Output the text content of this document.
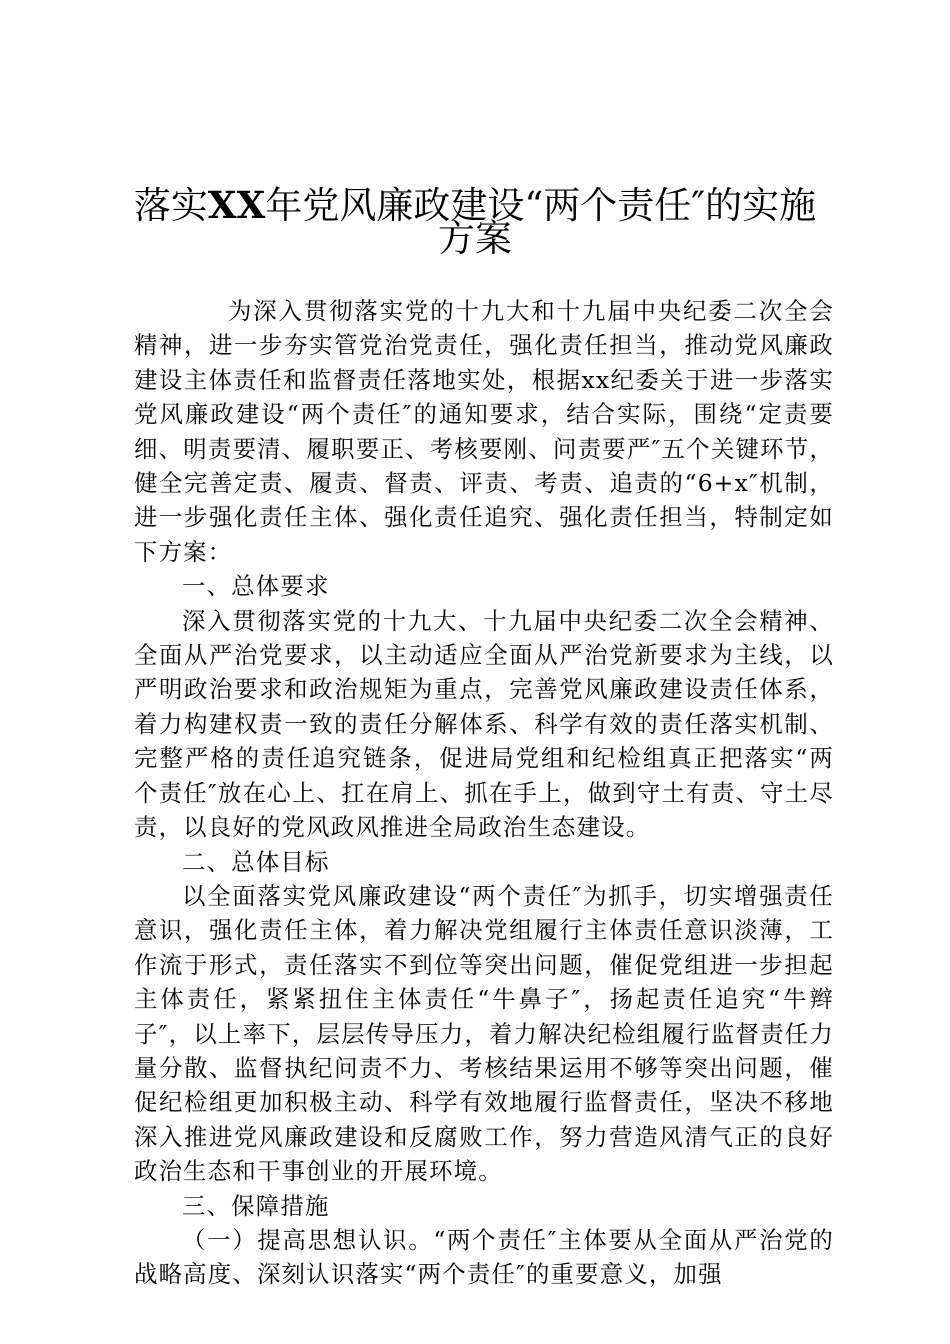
落实XX年党风廉政建设“两个责任″的实施
方案

为深入贯彻落实党的十九大和十九届中央纪委二次全会精神，进一步夯实管党治党责任，强化责任担当，推动党风廉政建设主体责任和监督责任落地实处，根据xx纪委关于进一步落实党风廉政建设“两个责任″的通知要求，结合实际，围绕“定责要细、明责要清、履职要正、考核要刚、问责要严″五个关键环节，健全完善定责、履责、督责、评责、考责、追责的“6+x″机制，进一步强化责任主体、强化责任追究、强化责任担当，特制定如下方案：

一、总体要求

深入贯彻落实党的十九大、十九届中央纪委二次全会精神、全面从严治党要求，以主动适应全面从严治党新要求为主线，以严明政治要求和政治规矩为重点，完善党风廉政建设责任体系，着力构建权责一致的责任分解体系、科学有效的责任落实机制、完整严格的责任追究链条，促进局党组和纪检组真正把落实“两个责任″放在心上、扛在肩上、抓在手上，做到守土有责、守土尽责，以良好的党风政风推进全局政治生态建设。

二、总体目标

以全面落实党风廉政建设“两个责任″为抓手，切实增强责任意识，强化责任主体，着力解决党组履行主体责任意识淡薄，工作流于形式，责任落实不到位等突出问题，催促党组进一步担起主体责任，紧紧扭住主体责任“牛鼻子″，扬起责任追究“牛辫子″，以上率下，层层传导压力，着力解决纪检组履行监督责任力量分散、监督执纪问责不力、考核结果运用不够等突出问题，催促纪检组更加积极主动、科学有效地履行监督责任，坚决不移地深入推进党风廉政建设和反腐败工作，努力营造风清气正的良好政治生态和干事创业的开展环境。

三、保障措施

（一）提高思想认识。“两个责任″主体要从全面从严治党的战略高度、深刻认识落实“两个责任″的重要意义，加强
